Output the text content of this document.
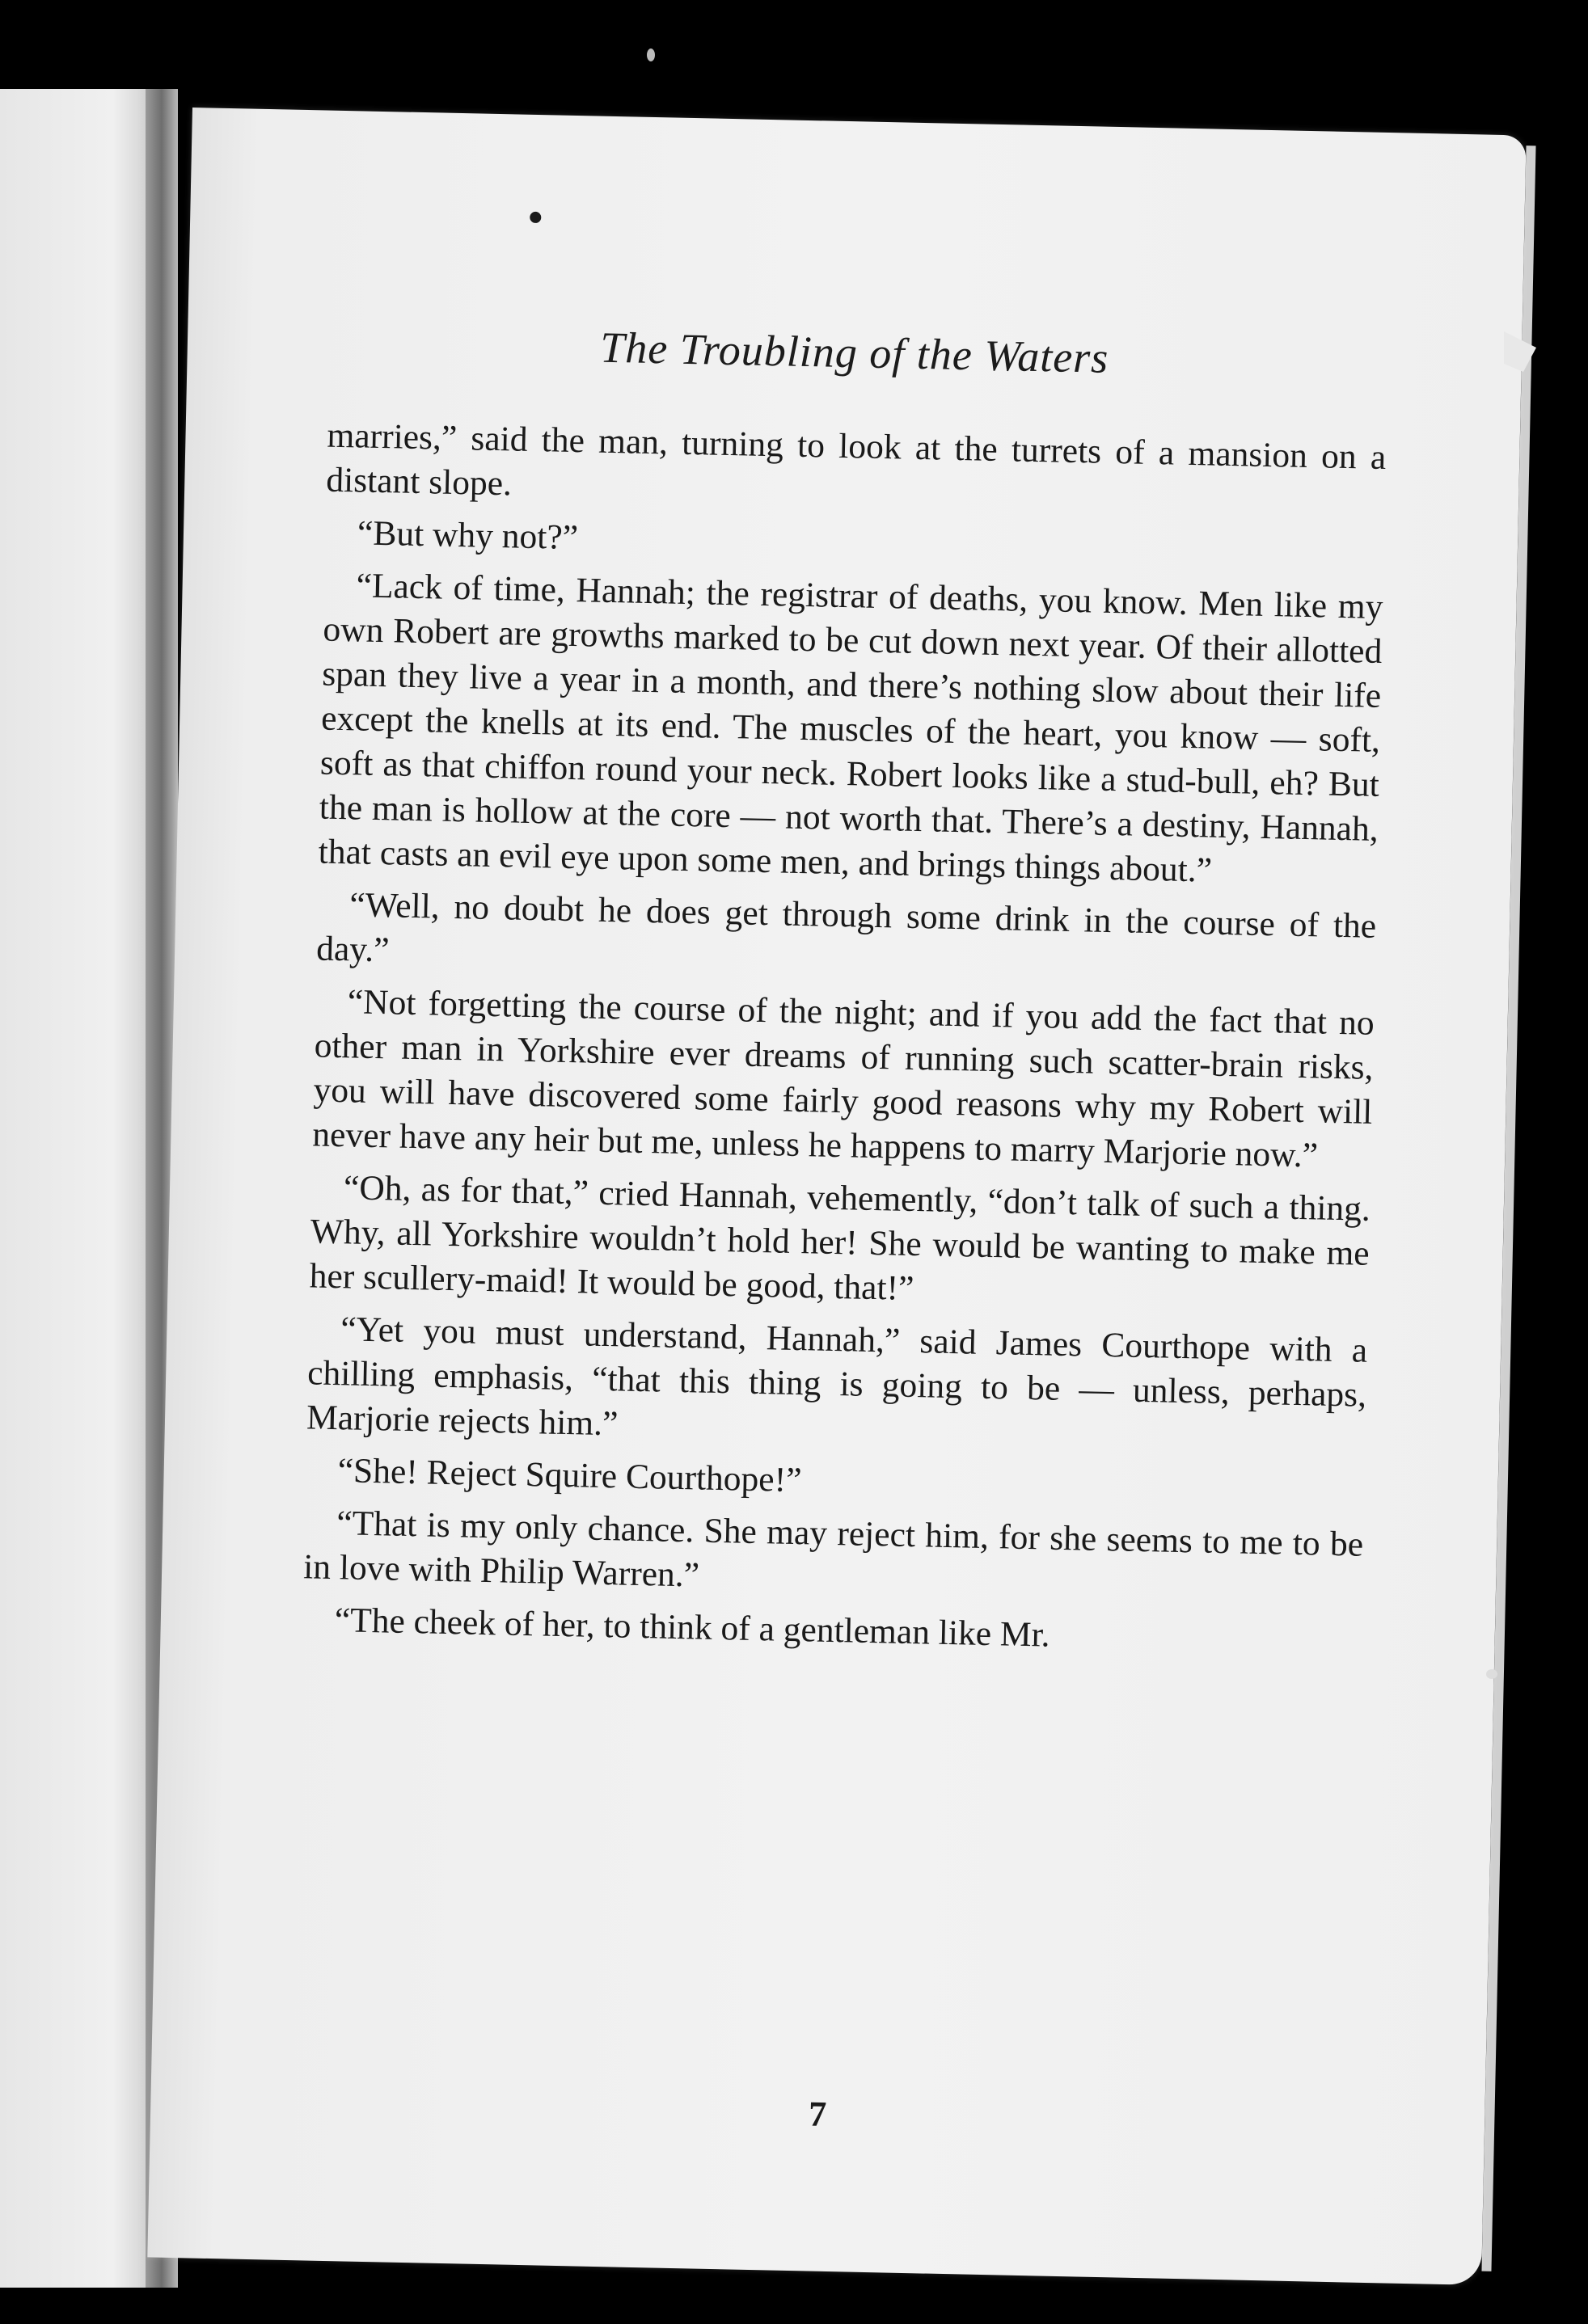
The Troubling of the Waters

marries,” said the man, turning to look at the turrets of a mansion on a distant slope.

“But why not?”

“Lack of time, Hannah; the registrar of deaths, you know. Men like my own Robert are growths marked to be cut down next year. Of their allotted span they live a year in a month, and there’s nothing slow about their life except the knells at its end. The muscles of the heart, you know — soft, soft as that chiffon round your neck. Robert looks like a stud-bull, eh? But the man is hollow at the core — not worth that. There’s a destiny, Hannah, that casts an evil eye upon some men, and brings things about.”

“Well, no doubt he does get through some drink in the course of the day.”

“Not forgetting the course of the night; and if you add the fact that no other man in Yorkshire ever dreams of running such scatter-brain risks, you will have discovered some fairly good reasons why my Robert will never have any heir but me, unless he happens to marry Marjorie now.”

“Oh, as for that,” cried Hannah, vehemently, “don’t talk of such a thing. Why, all Yorkshire wouldn’t hold her! She would be wanting to make me her scullery-maid! It would be good, that!”

“Yet you must understand, Hannah,” said James Courthope with a chilling emphasis, “that this thing is going to be — unless, perhaps, Marjorie rejects him.”

“She! Reject Squire Courthope!”

“That is my only chance. She may reject him, for she seems to me to be in love with Philip Warren.”

“The cheek of her, to think of a gentleman like Mr.

7
